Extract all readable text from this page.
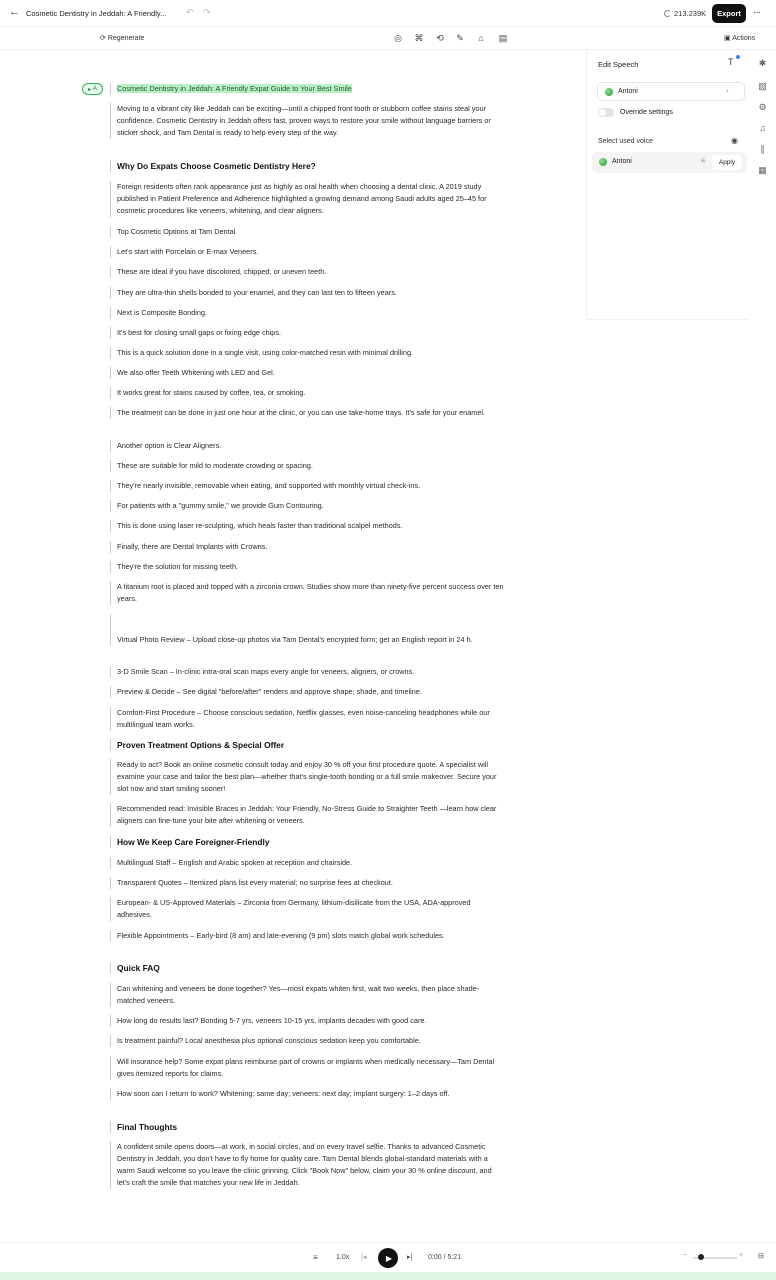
← Cosmetic Dentistry in Jeddah: A Friendly... ↶ ↷	213.239K	Export	···
⟳ Regenerate	◎ ⌘ ⟲ ✎	⌂	▤	▣ Actions
▸
A	Cosmetic Dentistry in Jeddah: A Friendly Expat Guide to Your Best Smile
Moving to a vibrant city like Jeddah can be exciting—until a chipped front tooth or stubborn coffee stains steal your confidence. Cosmetic Dentistry in Jeddah offers fast, proven ways to restore your smile without language barriers or sticker shock, and Tam Dental is ready to help every step of the way.
Why Do Expats Choose Cosmetic Dentistry Here?
Foreign residents often rank appearance just as highly as oral health when choosing a dental clinic. A 2019 study published in Patient Preference and Adherence highlighted a growing demand among Saudi adults aged 25–45 for cosmetic procedures like veneers, whitening, and clear aligners.
Top Cosmetic Options at Tam Dental
Let's start with Porcelain or E-max Veneers.
These are ideal if you have discolored, chipped, or uneven teeth.
They are ultra-thin shells bonded to your enamel, and they can last ten to fifteen years.
Next is Composite Bonding.
It's best for closing small gaps or fixing edge chips.
This is a quick solution done in a single visit, using color-matched resin with minimal drilling.
We also offer Teeth Whitening with LED and Gel.
It works great for stains caused by coffee, tea, or smoking.
The treatment can be done in just one hour at the clinic, or you can use take-home trays. It's safe for your enamel.
Another option is Clear Aligners.
These are suitable for mild to moderate crowding or spacing.
They're nearly invisible, removable when eating, and supported with monthly virtual check-ins.
For patients with a "gummy smile," we provide Gum Contouring.
This is done using laser re-sculpting, which heals faster than traditional scalpel methods.
Finally, there are Dental Implants with Crowns.
They're the solution for missing teeth.
A titanium root is placed and topped with a zirconia crown. Studies show more than ninety-five percent success over ten years.
Virtual Photo Review – Upload close-up photos via Tam Dental's encrypted form; get an English report in 24 h.
3-D Smile Scan – In-clinic intra-oral scan maps every angle for veneers, aligners, or crowns.
Preview & Decide – See digital "before/after" renders and approve shape, shade, and timeline.
Comfort-First Procedure – Choose conscious sedation, Netflix glasses, even noise-canceling headphones while our multilingual team works.
Proven Treatment Options & Special Offer
Ready to act? Book an online cosmetic consult today and enjoy 30 % off your first procedure quote. A specialist will examine your case and tailor the best plan—whether that's single-tooth bonding or a full smile makeover. Secure your slot now and start smiling sooner!
Recommended read: Invisible Braces in Jeddah: Your Friendly, No-Stress Guide to Straighter Teeth —learn how clear aligners can fine-tune your bite after whitening or veneers.
How We Keep Care Foreigner-Friendly
Multilingual Staff – English and Arabic spoken at reception and chairside.
Transparent Quotes – Itemized plans list every material; no surprise fees at checkout.
European- & US-Approved Materials – Zirconia from Germany, lithium-disilicate from the USA, ADA-approved adhesives.
Flexible Appointments – Early-bird (8 am) and late-evening (9 pm) slots match global work schedules.
Quick FAQ
Can whitening and veneers be done together? Yes—most expats whiten first, wait two weeks, then place shade-matched veneers.
How long do results last? Bonding 5-7 yrs, veneers 10-15 yrs, implants decades with good care.
Is treatment painful? Local anesthesia plus optional conscious sedation keep you comfortable.
Will insurance help? Some expat plans reimburse part of crowns or implants when medically necessary—Tam Dental gives itemized reports for claims.
How soon can I return to work? Whitening: same day; veneers: next day; implant surgery: 1–2 days off.
Final Thoughts
A confident smile opens doors—at work, in social circles, and on every travel selfie. Thanks to advanced Cosmetic Dentistry in Jeddah, you don't have to fly home for quality care. Tam Dental blends global-standard materials with a warm Saudi welcome so you leave the clinic grinning. Click "Book Now" below, claim your 30 % online discount, and let's craft the smile that matches your new life in Jeddah.
Edit Speech	T
Antoni	›
Override settings
Select used voice	◉
Antoni	⚟	Apply
✱
▨
⚙
♫
∥
▦
≡	1.0x |◂ ▶ ▸| 0:00 / 5:21	−	+ ⊟
